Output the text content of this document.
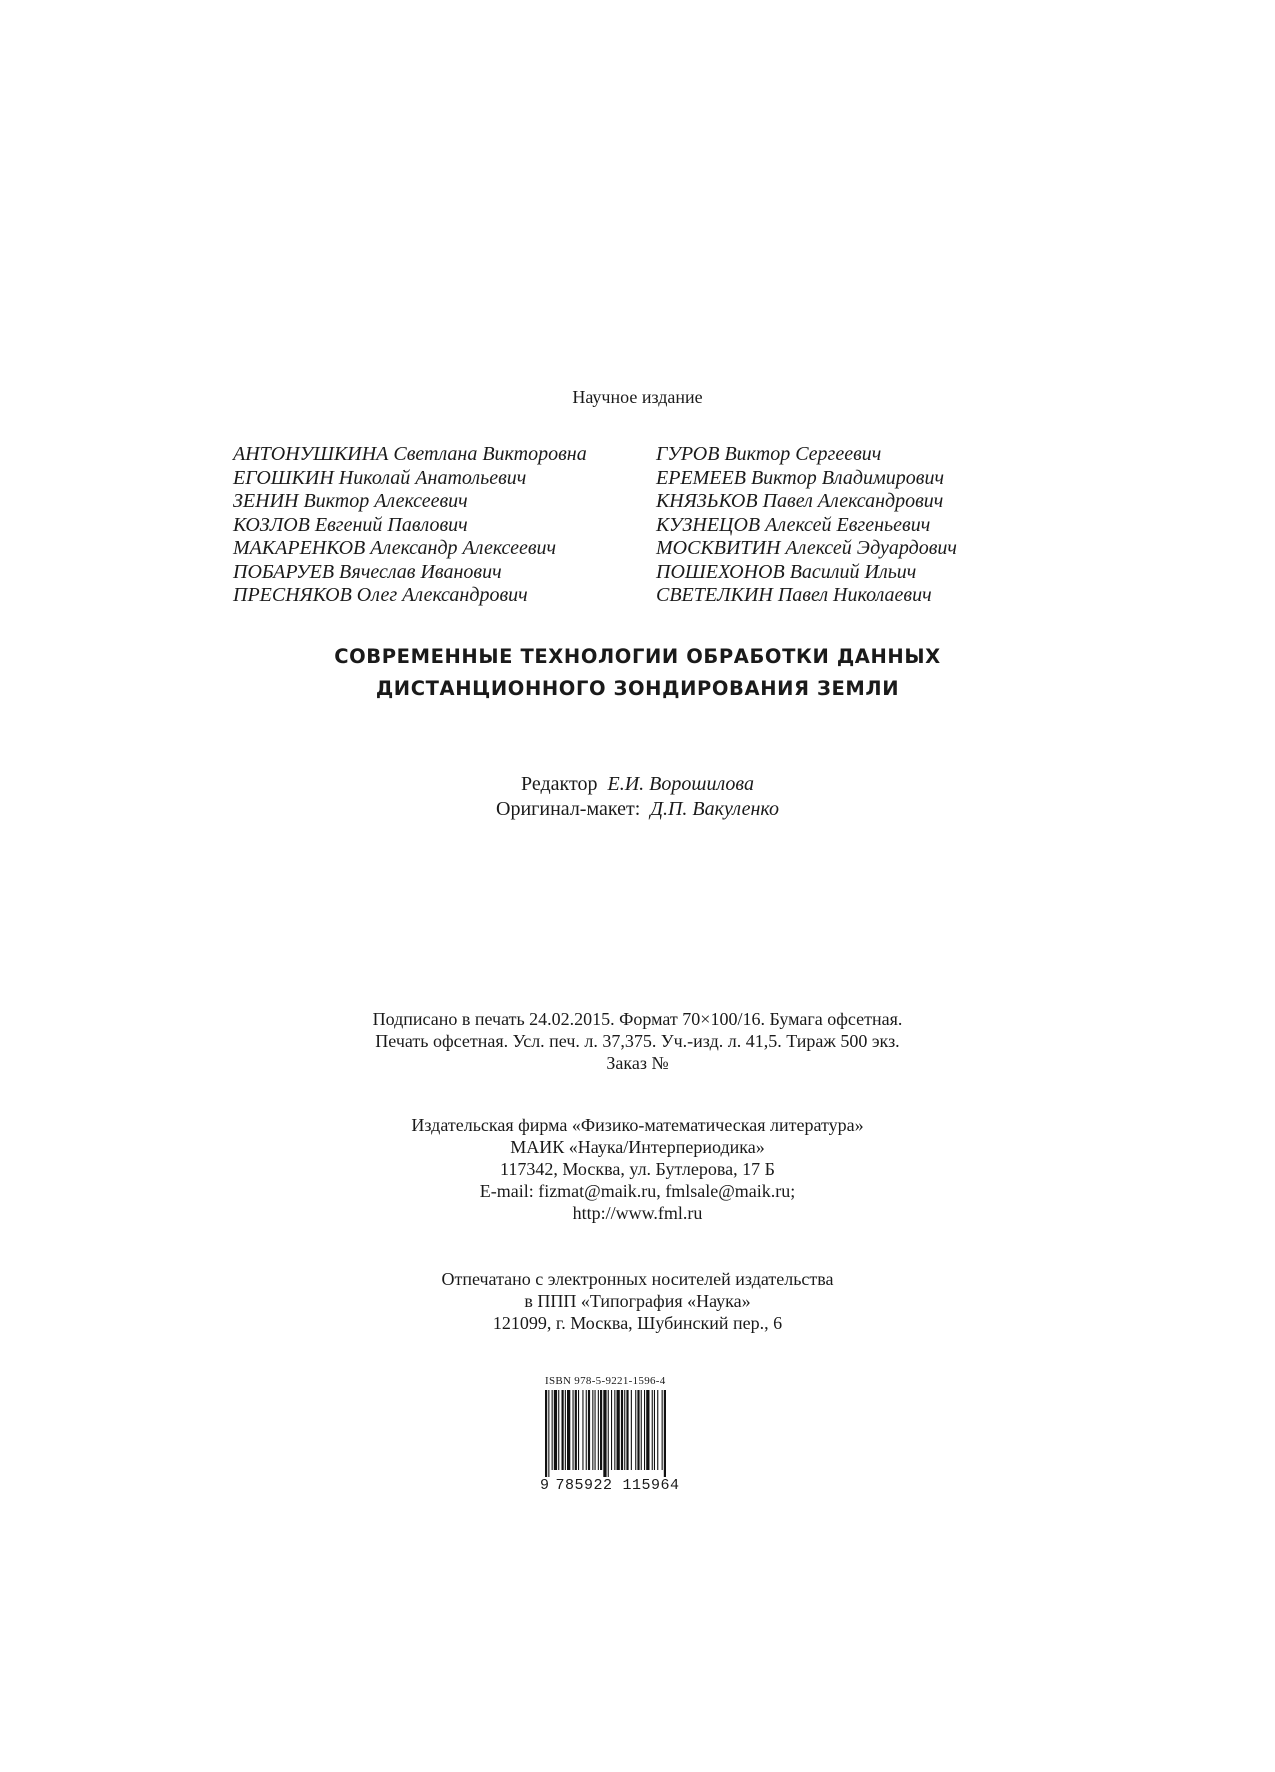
Научное издание
АНТОНУШКИНА Светлана Викторовна
ЕГОШКИН Николай Анатольевич
ЗЕНИН Виктор Алексеевич
КОЗЛОВ Евгений Павлович
МАКАРЕНКОВ Александр Алексеевич
ПОБАРУЕВ Вячеслав Иванович
ПРЕСНЯКОВ Олег Александрович
ГУРОВ Виктор Сергеевич
ЕРЕМЕЕВ Виктор Владимирович
КНЯЗЬКОВ Павел Александрович
КУЗНЕЦОВ Алексей Евгеньевич
МОСКВИТИН Алексей Эдуардович
ПОШЕХОНОВ Василий Ильич
СВЕТЕЛКИН Павел Николаевич
СОВРЕМЕННЫЕ ТЕХНОЛОГИИ ОБРАБОТКИ ДАННЫХ
ДИСТАНЦИОННОГО ЗОНДИРОВАНИЯ ЗЕМЛИ
Редактор Е.И. Ворошилова
Оригинал-макет: Д.П. Вакуленко
Подписано в печать 24.02.2015. Формат 70×100/16. Бумага офсетная.
Печать офсетная. Усл. печ. л. 37,375. Уч.-изд. л. 41,5. Тираж 500 экз.
Заказ №
Издательская фирма «Физико-математическая литература»
МАИК «Наука/Интерпериодика»
117342, Москва, ул. Бутлерова, 17 Б
E-mail: fizmat@maik.ru, fmlsale@maik.ru;
http://www.fml.ru
Отпечатано с электронных носителей издательства
в ППП «Типография «Наука»
121099, г. Москва, Шубинский пер., 6
ISBN 978-5-9221-1596-4
9 785922 115964
